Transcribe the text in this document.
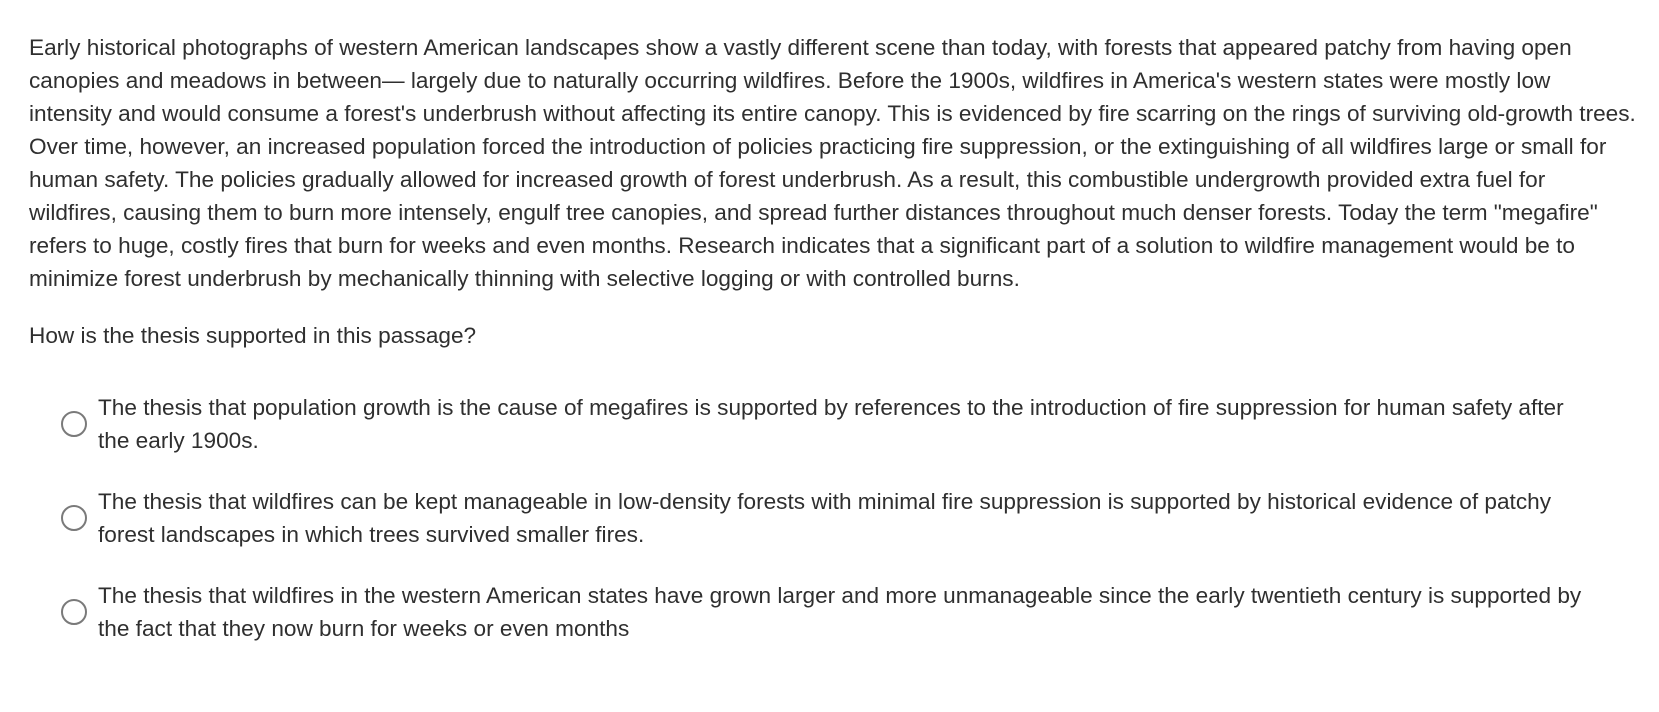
Early historical photographs of western American landscapes show a vastly different scene than today, with forests that appeared patchy from having open canopies and meadows in between— largely due to naturally occurring wildfires. Before the 1900s, wildfires in America's western states were mostly low intensity and would consume a forest's underbrush without affecting its entire canopy. This is evidenced by fire scarring on the rings of surviving old-growth trees. Over time, however, an increased population forced the introduction of policies practicing fire suppression, or the extinguishing of all wildfires large or small for human safety. The policies gradually allowed for increased growth of forest underbrush. As a result, this combustible undergrowth provided extra fuel for wildfires, causing them to burn more intensely, engulf tree canopies, and spread further distances throughout much denser forests. Today the term "megafire" refers to huge, costly fires that burn for weeks and even months. Research indicates that a significant part of a solution to wildfire management would be to minimize forest underbrush by mechanically thinning with selective logging or with controlled burns.

How is the thesis supported in this passage?

The thesis that population growth is the cause of megafires is supported by references to the introduction of fire suppression for human safety after the early 1900s.
The thesis that wildfires can be kept manageable in low-density forests with minimal fire suppression is supported by historical evidence of patchy forest landscapes in which trees survived smaller fires.
The thesis that wildfires in the western American states have grown larger and more unmanageable since the early twentieth century is supported by the fact that they now burn for weeks or even months
